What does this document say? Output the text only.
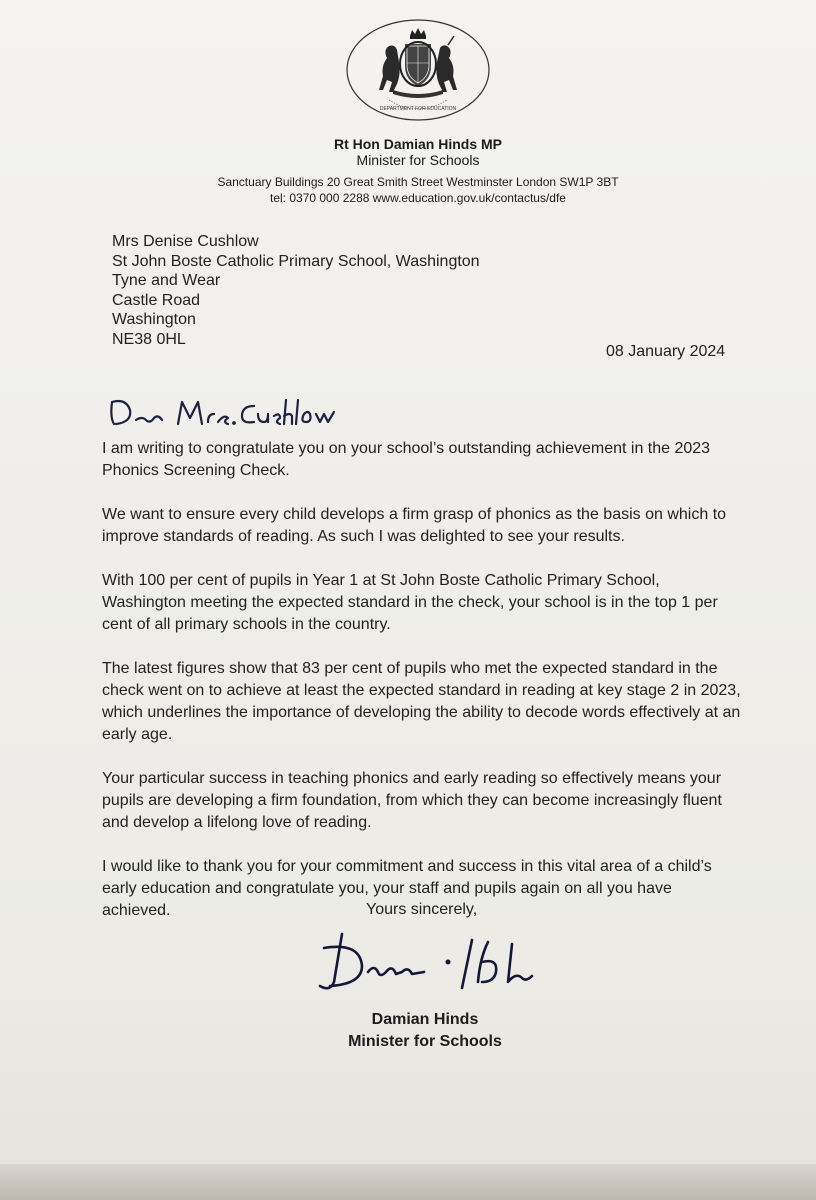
DEPARTMENT FOR EDUCATION
Rt Hon Damian Hinds MP
Minister for Schools
Sanctuary Buildings 20 Great Smith Street Westminster London SW1P 3BT
tel: 0370 000 2288 www.education.gov.uk/contactus/dfe
Mrs Denise Cushlow
St John Boste Catholic Primary School, Washington
Tyne and Wear
Castle Road
Washington
NE38 0HL
08 January 2024

I am writing to congratulate you on your school’s outstanding achievement in the 2023 Phonics Screening Check.

We want to ensure every child develops a firm grasp of phonics as the basis on which to improve standards of reading. As such I was delighted to see your results.

With 100 per cent of pupils in Year 1 at St John Boste Catholic Primary School, Washington meeting the expected standard in the check, your school is in the top 1 per cent of all primary schools in the country.

The latest figures show that 83 per cent of pupils who met the expected standard in the check went on to achieve at least the expected standard in reading at key stage 2 in 2023, which underlines the importance of developing the ability to decode words effectively at an early age.

Your particular success in teaching phonics and early reading so effectively means your pupils are developing a firm foundation, from which they can become increasingly fluent and develop a lifelong love of reading.

I would like to thank you for your commitment and success in this vital area of a child’s early education and congratulate you, your staff and pupils again on all you have achieved.	Yours sincerely,
Damian Hinds
Minister for Schools
